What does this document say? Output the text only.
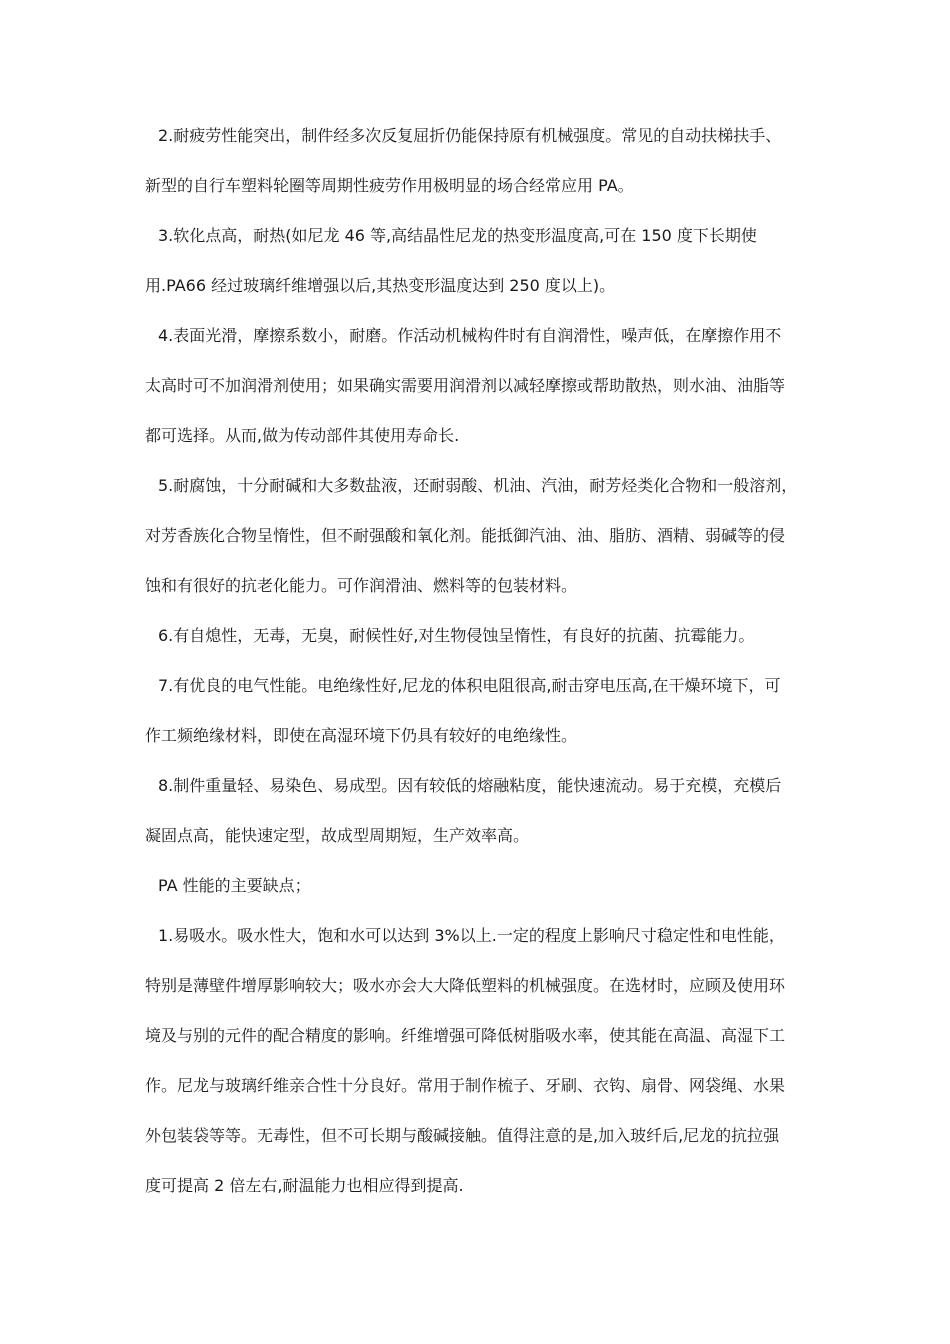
2.耐疲劳性能突出，制件经多次反复屈折仍能保持原有机械强度。常见的自动扶梯扶手、
新型的自行车塑料轮圈等周期性疲劳作用极明显的场合经常应用 PA。
3.软化点高，耐热(如尼龙 46 等,高结晶性尼龙的热变形温度高,可在 150 度下长期使
用.PA66 经过玻璃纤维增强以后,其热变形温度达到 250 度以上)。
4.表面光滑，摩擦系数小，耐磨。作活动机械构件时有自润滑性，噪声低，在摩擦作用不
太高时可不加润滑剂使用；如果确实需要用润滑剂以减轻摩擦或帮助散热，则水油、油脂等
都可选择。从而,做为传动部件其使用寿命长.
5.耐腐蚀，十分耐碱和大多数盐液，还耐弱酸、机油、汽油，耐芳烃类化合物和一般溶剂，
对芳香族化合物呈惰性，但不耐强酸和氧化剂。能抵御汽油、油、脂肪、酒精、弱碱等的侵
蚀和有很好的抗老化能力。可作润滑油、燃料等的包装材料。
6.有自熄性，无毒，无臭，耐候性好,对生物侵蚀呈惰性，有良好的抗菌、抗霉能力。
7.有优良的电气性能。电绝缘性好,尼龙的体积电阻很高,耐击穿电压高,在干燥环境下，可
作工频绝缘材料，即使在高湿环境下仍具有较好的电绝缘性。
8.制件重量轻、易染色、易成型。因有较低的熔融粘度，能快速流动。易于充模，充模后
凝固点高，能快速定型，故成型周期短，生产效率高。
PA 性能的主要缺点；
1.易吸水。吸水性大，饱和水可以达到 3%以上.一定的程度上影响尺寸稳定性和电性能，
特别是薄壁件增厚影响较大；吸水亦会大大降低塑料的机械强度。在选材时，应顾及使用环
境及与别的元件的配合精度的影响。纤维增强可降低树脂吸水率，使其能在高温、高湿下工
作。尼龙与玻璃纤维亲合性十分良好。常用于制作梳子、牙刷、衣钩、扇骨、网袋绳、水果
外包装袋等等。无毒性，但不可长期与酸碱接触。值得注意的是,加入玻纤后,尼龙的抗拉强
度可提高 2 倍左右,耐温能力也相应得到提高.
